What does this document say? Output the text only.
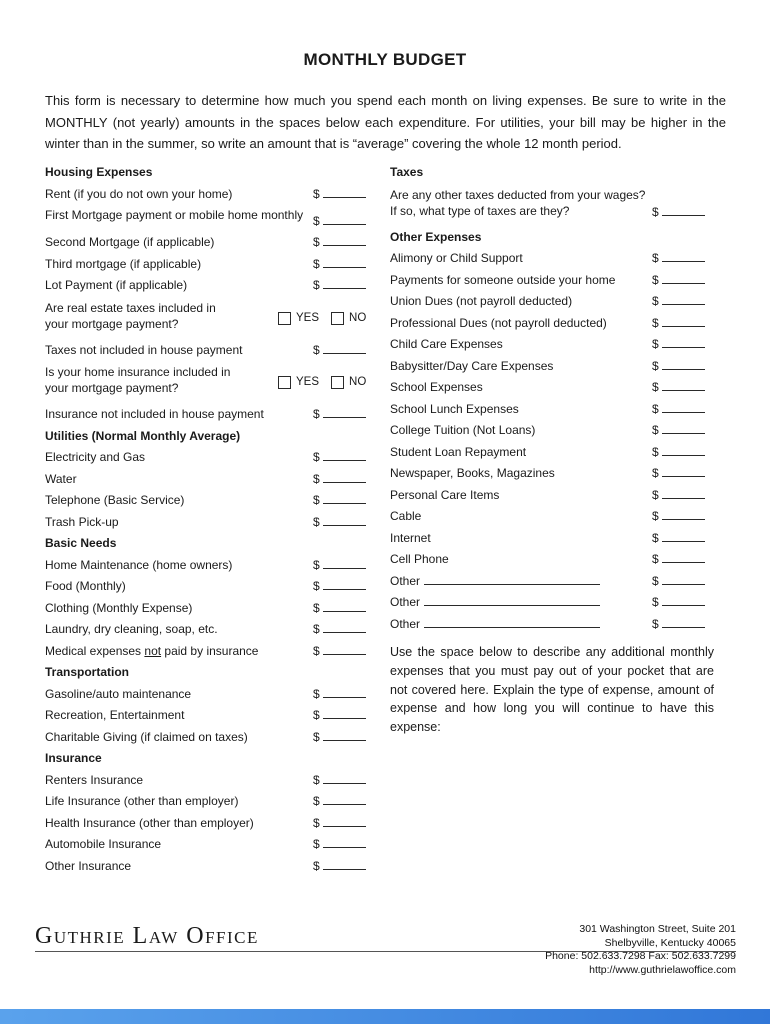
MONTHLY BUDGET
This form is necessary to determine how much you spend each month on living expenses. Be sure to write in the MONTHLY (not yearly) amounts in the spaces below each expenditure. For utilities, your bill may be higher in the winter than in the summer, so write an amount that is “average” covering the whole 12 month period.
Housing Expenses
Rent (if you do not own your home)	$
First Mortgage payment or mobile home monthly $
Second Mortgage (if applicable)	$
Third mortgage (if applicable)	$
Lot Payment (if applicable)	$
Are real estate taxes included in
your mortgage payment?	YES	NO
Taxes not included in house payment	$
Is your home insurance included in
your mortgage payment?	YES	NO
Insurance not included in house payment	$
Utilities (Normal Monthly Average)
Electricity and Gas	$
Water	$
Telephone (Basic Service)	$
Trash Pick-up	$
Basic Needs
Home Maintenance (home owners)	$
Food (Monthly)	$
Clothing (Monthly Expense)	$
Laundry, dry cleaning, soap, etc.	$
Medical expenses not paid by insurance	$
Transportation
Gasoline/auto maintenance	$
Recreation, Entertainment	$
Charitable Giving (if claimed on taxes)	$
Insurance
Renters Insurance	$
Life Insurance (other than employer)	$
Health Insurance (other than employer)	$
Automobile Insurance	$
Other Insurance	$
Taxes
Are any other taxes deducted from your wages?
If so, what type of taxes are they?	$
Other Expenses
Alimony or Child Support	$
Payments for someone outside your home	$
Union Dues (not payroll deducted)	$
Professional Dues (not payroll deducted)	$
Child Care Expenses	$
Babysitter/Day Care Expenses	$
School Expenses	$
School Lunch Expenses	$
College Tuition (Not Loans)	$
Student Loan Repayment	$
Newspaper, Books, Magazines	$
Personal Care Items	$
Cable	$
Internet	$
Cell Phone	$
Other	$
Other	$
Other	$
Use the space below to describe any additional monthly expenses that you must pay out of your pocket that are not covered here. Explain the type of expense, amount of expense and how long you will continue to have this expense:
Guthrie Law Office	301 Washington Street, Suite 201
Shelbyville, Kentucky 40065
Phone: 502.633.7298 Fax: 502.633.7299
http://www.guthrielawoffice.com
